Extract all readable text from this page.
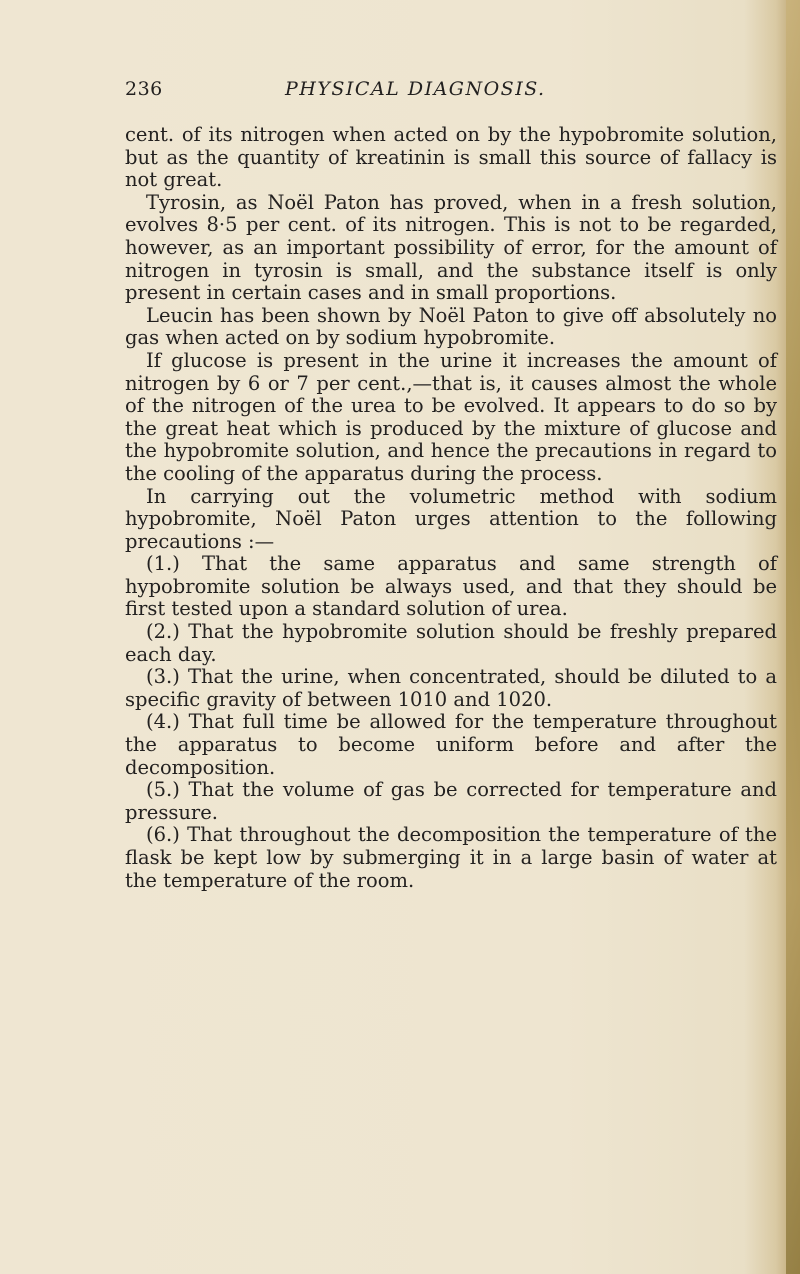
236	PHYSICAL DIAGNOSIS.

cent. of its nitrogen when acted on by the hypobromite solution, but as the quantity of kreatinin is small this source of fallacy is not great.

Tyrosin, as Noël Paton has proved, when in a fresh solution, evolves 8·5 per cent. of its nitrogen. This is not to be regarded, however, as an important possibility of error, for the amount of nitrogen in tyrosin is small, and the substance itself is only present in certain cases and in small proportions.

Leucin has been shown by Noël Paton to give off absolutely no gas when acted on by sodium hypobromite.

If glucose is present in the urine it increases the amount of nitrogen by 6 or 7 per cent.,—that is, it causes almost the whole of the nitrogen of the urea to be evolved. It appears to do so by the great heat which is produced by the mixture of glucose and the hypobromite solution, and hence the precautions in regard to the cooling of the apparatus during the process.

In carrying out the volumetric method with sodium hypobromite, Noël Paton urges attention to the following precautions :—

(1.) That the same apparatus and same strength of hypobromite solution be always used, and that they should be first tested upon a standard solution of urea.

(2.) That the hypobromite solution should be freshly prepared each day.

(3.) That the urine, when concentrated, should be diluted to a specific gravity of between 1010 and 1020.

(4.) That full time be allowed for the temperature throughout the apparatus to become uniform before and after the decomposition.

(5.) That the volume of gas be corrected for temperature and pressure.

(6.) That throughout the decomposition the temperature of the flask be kept low by submerging it in a large basin of water at the temperature of the room.
